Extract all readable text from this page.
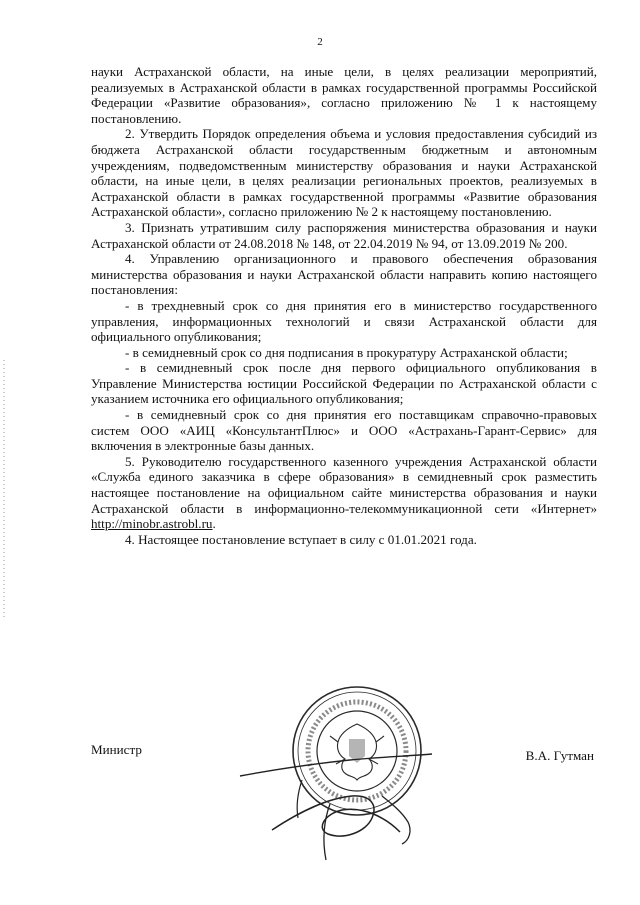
2

науки Астраханской области, на иные цели, в целях реализации мероприятий, реализуемых в Астраханской области в рамках государственной программы Российской Федерации «Развитие образования», согласно приложению № 1 к настоящему постановлению.

2. Утвердить Порядок определения объема и условия предоставления субсидий из бюджета Астраханской области государственным бюджетным и автономным учреждениям, подведомственным министерству образования и науки Астраханской области, на иные цели, в целях реализации региональных проектов, реализуемых в Астраханской области в рамках государственной программы «Развитие образования Астраханской области», согласно приложению № 2 к настоящему постановлению.

3. Признать утратившим силу распоряжения министерства образования и науки Астраханской области от 24.08.2018 № 148, от 22.04.2019 № 94, от 13.09.2019 № 200.

4. Управлению организационного и правового обеспечения образования министерства образования и науки Астраханской области направить копию настоящего постановления:

- в трехдневный срок со дня принятия его в министерство государственного управления, информационных технологий и связи Астраханской области для официального опубликования;

- в семидневный срок со дня подписания в прокуратуру Астраханской области;

- в семидневный срок после дня первого официального опубликования в Управление Министерства юстиции Российской Федерации по Астраханской области с указанием источника его официального опубликования;

- в семидневный срок со дня принятия его поставщикам справочно-правовых систем ООО «АИЦ «КонсультантПлюс» и ООО «Астрахань-Гарант-Сервис» для включения в электронные базы данных.

5. Руководителю государственного казенного учреждения Астраханской области «Служба единого заказчика в сфере образования» в семидневный срок разместить настоящее постановление на официальном сайте министерства образования и науки Астраханской области в информационно-телекоммуникационной сети «Интернет» http://minobr.astrobl.ru.

4. Настоящее постановление вступает в силу с 01.01.2021 года.

Министр	В.А. Гутман
